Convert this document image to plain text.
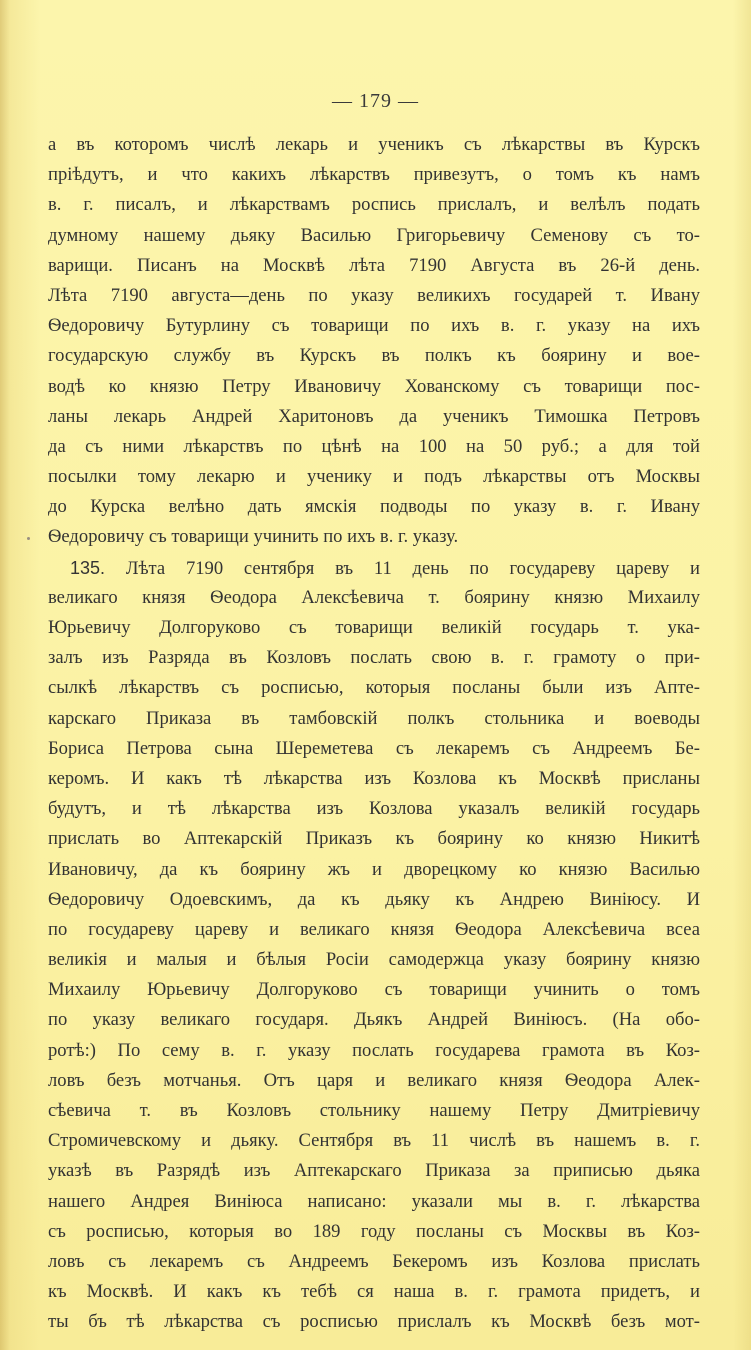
— 179 —
а въ которомъ числѣ лекарь и ученикъ съ лѣкарствы въ Курскъ
пріѣдутъ, и что какихъ лѣкарствъ привезутъ, о томъ къ намъ
в. г. писалъ, и лѣкарствамъ роспись прислалъ, и велѣлъ подать
думному нашему дьяку Василью Григорьевичу Семенову съ то-
варищи. Писанъ на Москвѣ лѣта 7190 Августа въ 26-й день.
Лѣта 7190 августа—день по указу великихъ государей т. Ивану
Ѳедоровичу Бутурлину съ товарищи по ихъ в. г. указу на ихъ
государскую службу въ Курскъ въ полкъ къ боярину и вое-
водѣ ко князю Петру Ивановичу Хованскому съ товарищи пос-
ланы лекарь Андрей Харитоновъ да ученикъ Тимошка Петровъ
да съ ними лѣкарствъ по цѣнѣ на 100 на 50 руб.; а для той
посылки тому лекарю и ученику и подъ лѣкарствы отъ Москвы
до Курска велѣно дать ямскія подводы по указу в. г. Ивану
Ѳедоровичу съ товарищи учинить по ихъ в. г. указу.
135. Лѣта 7190 сентября въ 11 день по государеву цареву и
великаго князя Ѳеодора Алексѣевича т. боярину князю Михаилу
Юрьевичу Долгоруково съ товарищи великій государь т. ука-
залъ изъ Разряда въ Козловъ послать свою в. г. грамоту о при-
сылкѣ лѣкарствъ съ росписью, которыя посланы были изъ Апте-
карскаго Приказа въ тамбовскій полкъ стольника и воеводы
Бориса Петрова сына Шереметева съ лекаремъ съ Андреемъ Бе-
керомъ. И какъ тѣ лѣкарства изъ Козлова къ Москвѣ присланы
будутъ, и тѣ лѣкарства изъ Козлова указалъ великій государь
прислать во Аптекарскій Приказъ къ боярину ко князю Никитѣ
Ивановичу, да къ боярину жъ и дворецкому ко князю Василью
Ѳедоровичу Одоевскимъ, да къ дьяку къ Андрею Виніюсу. И
по государеву цареву и великаго князя Ѳеодора Алексѣевича всеа
великія и малыя и бѣлыя Росіи самодержца указу боярину князю
Михаилу Юрьевичу Долгоруково съ товарищи учинить о томъ
по указу великаго государя. Дьякъ Андрей Виніюсъ. (На обо-
ротѣ:) По сему в. г. указу послать государева грамота въ Коз-
ловъ безъ мотчанья. Отъ царя и великаго князя Ѳеодора Алек-
сѣевича т. въ Козловъ стольнику нашему Петру Дмитріевичу
Стромичевскому и дьяку. Сентября въ 11 числѣ въ нашемъ в. г.
указѣ въ Разрядѣ изъ Аптекарскаго Приказа за приписью дьяка
нашего Андрея Виніюса написано: указали мы в. г. лѣкарства
съ росписью, которыя во 189 году посланы съ Москвы въ Коз-
ловъ съ лекаремъ съ Андреемъ Бекеромъ изъ Козлова прислать
къ Москвѣ. И какъ къ тебѣ ся наша в. г. грамота придетъ, и
ты бъ тѣ лѣкарства съ росписью прислалъ къ Москвѣ безъ мот-
